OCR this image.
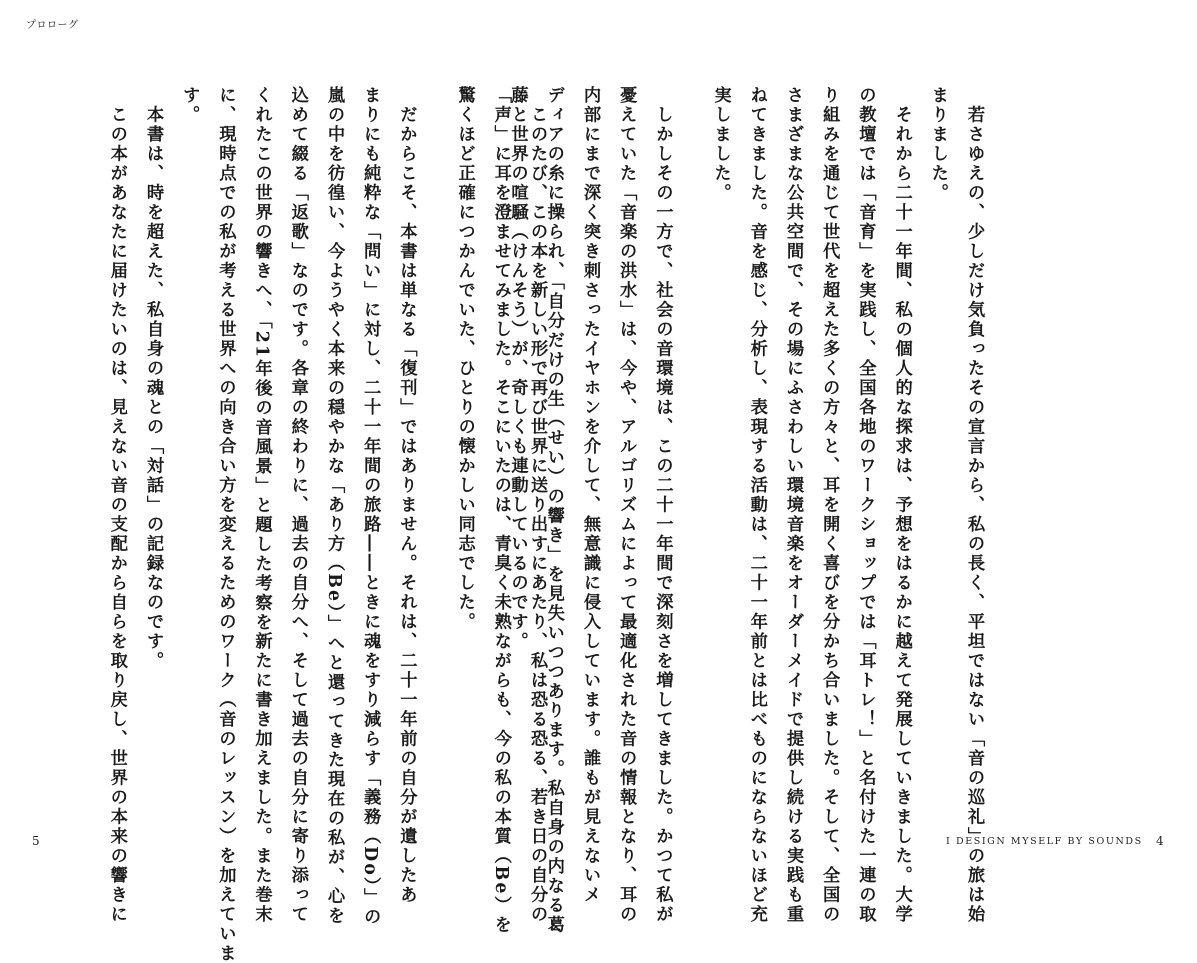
プロローグ

　若さゆえの、少しだけ気負ったその宣言から、私の長く、平坦ではない「音の巡礼」の旅は始
まりました。

　それから二十一年間、私の個人的な探求は、予想をはるかに越えて発展していきました。大学
の教壇では「音育」を実践し、全国各地のワークショップでは「耳トレ！」と名付けた一連の取
り組みを通じて世代を超えた多くの方々と、耳を開く喜びを分かち合いました。そして、全国の
さまざまな公共空間で、その場にふさわしい環境音楽をオーダーメイドで提供し続ける実践も重
ねてきました。音を感じ、分析し、表現する活動は、二十一年前とは比べものにならないほど充
実しました。

　しかしその一方で、社会の音環境は、この二十一年間で深刻さを増してきました。かつて私が
憂えていた「音楽の洪水」は、今や、アルゴリズムによって最適化された音の情報となり、耳の
内部にまで深く突き刺さったイヤホンを介して、無意識に侵入しています。誰もが見えないメ
ディアの糸に操られ、「自分だけの生（せい）の響き」を見失いつつあります。私自身の内なる葛
藤と世界の喧騒（けんそう）が、奇しくも連動しているのです。 　このたび、この本を新しい形で再び世界に送り出すにあたり、私は恐る恐る、若き日の自分の
「声」に耳を澄ませてみました。そこにいたのは、青臭く未熟ながらも、今の私の本質（Be）を
驚くほど正確につかんでいた、ひとりの懐かしい同志でした。

　だからこそ、本書は単なる「復刊」ではありません。それは、二十一年前の自分が遺したあ
まりにも純粋な「問い」に対し、二十一年間の旅路――ときに魂をすり減らす「義務（Do）」の
嵐の中を彷徨い、今ようやく本来の穏やかな「あり方（Be）」へと還ってきた現在の私が、心を
込めて綴る「返歌」なのです。各章の終わりに、過去の自分へ、そして過去の自分に寄り添って
くれたこの世界の響きへ、「21年後の音風景」と題した考察を新たに書き加えました。また巻末
に、現時点での私が考える世界への向き合い方を変えるためのワーク（音のレッスン）を加えていま
す。

　本書は、時を超えた、私自身の魂との「対話」の記録なのです。

　この本があなたに届けたいのは、見えない音の支配から自らを取り戻し、世界の本来の響きに

5	I DESIGN MYSELF BY SOUNDS 4
